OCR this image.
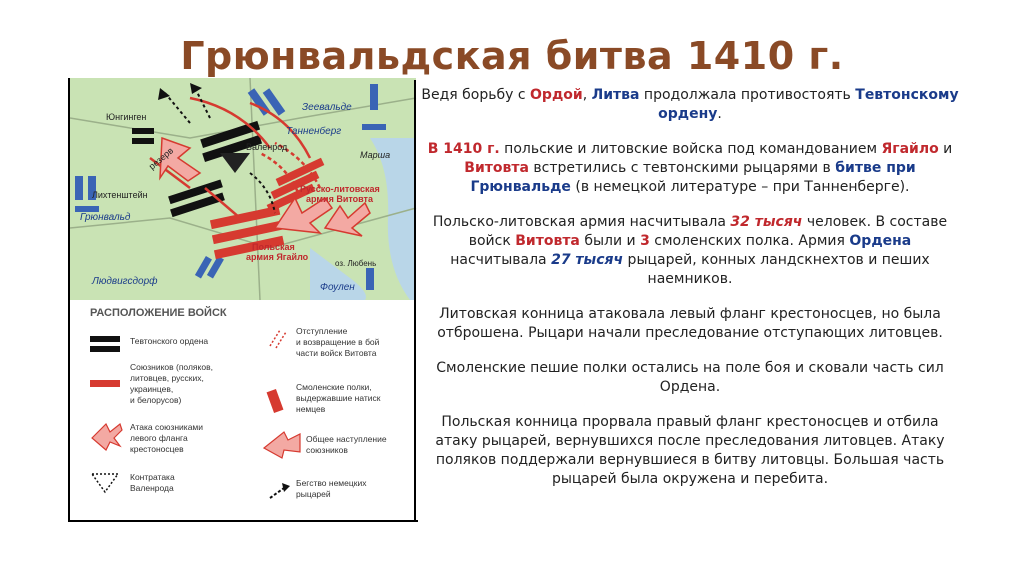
Грюнвальдская битва 1410 г.
Юнгинген
резерв	Валенрод
Лихтенштейн
Грюнвальд
Зеевальде
Танненберг
Марша
Русско-литовская
армия Витовта
Польская
армия Ягайло
оз. Любень
Людвигсдорф
Фоулен
РАСПОЛОЖЕНИЕ ВОЙСК
Тевтонского ордена
Союзников (поляков,
литовцев, русских,
украинцев,
и белорусов)
Атака союзниками
левого фланга
крестоносцев
Контратака
Валенрода
Отступление
и возвращение в бой
части войск Витовта
Смоленские полки,
выдержавшие натиск
немцев
Общее наступление
союзников
Бегство немецких
рыцарей

Ведя борьбу с Ордой, Литва продолжала противостоять Тевтонскому ордену.

В 1410 г. польские и литовские войска под командованием Ягайло и Витовта встретились с тевтонскими рыцарями в битве при Грюнвальде (в немецкой литературе – при Танненберге).

Польско-литовская армия насчитывала 32 тысяч человек. В составе войск Витовта были и 3 смоленских полка. Армия Ордена насчитывала 27 тысяч рыцарей, конных ландскнехтов и пеших наемников.

Литовская конница атаковала левый фланг крестоносцев, но была отброшена. Рыцари начали преследование отступающих литовцев.

Смоленские пешие полки остались на поле боя и сковали часть сил Ордена.

Польская конница прорвала правый фланг крестоносцев и отбила атаку рыцарей, вернувшихся после преследования литовцев. Атаку поляков поддержали вернувшиеся в битву литовцы. Большая часть рыцарей была окружена и перебита.
